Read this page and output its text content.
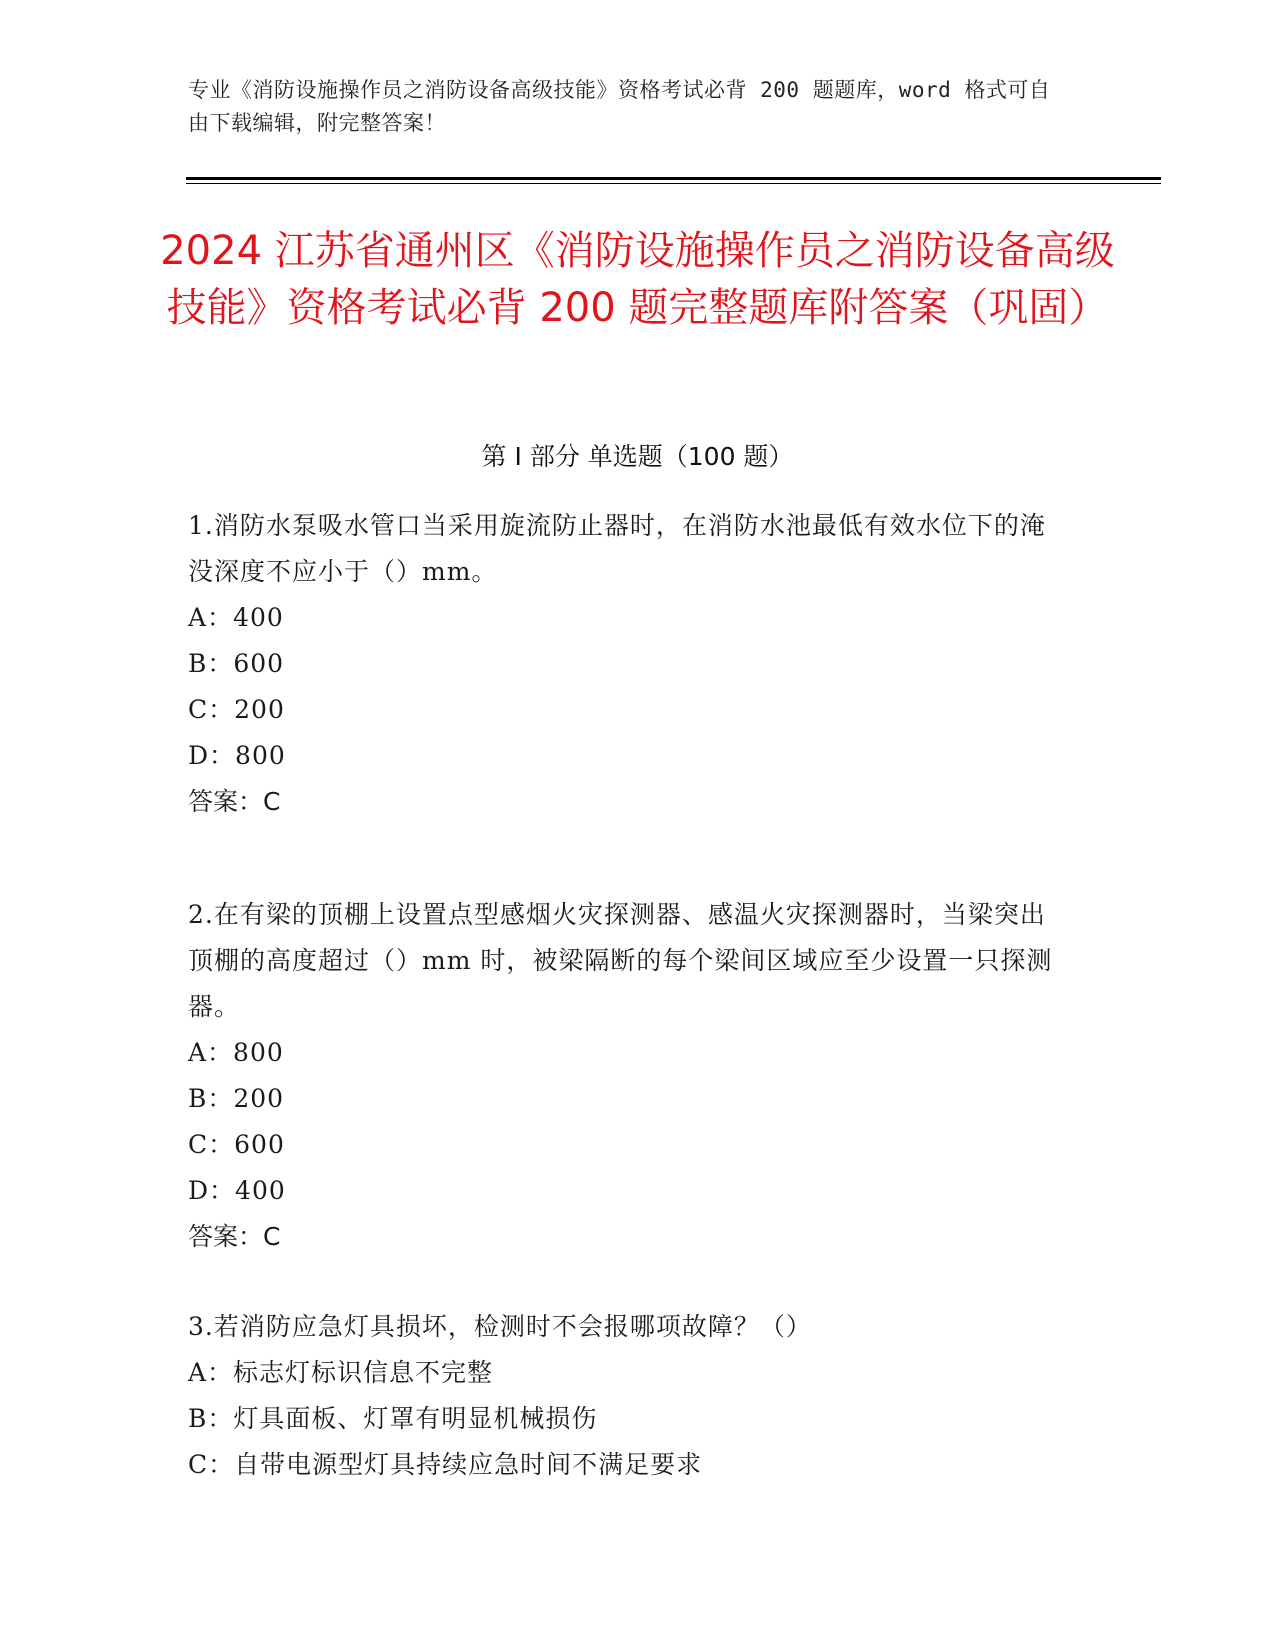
专业《消防设施操作员之消防设备高级技能》资格考试必背 200 题题库，word 格式可自由下载编辑，附完整答案！
2024 江苏省通州区《消防设施操作员之消防设备高级技能》资格考试必背 200 题完整题库附答案（巩固）
第 I 部分 单选题（100 题）

1.消防水泵吸水管口当采用旋流防止器时，在消防水池最低有效水位下的淹没深度不应小于（）mm。

A：400

B：600

C：200

D：800

答案：C

2.在有梁的顶棚上设置点型感烟火灾探测器、感温火灾探测器时，当梁突出顶棚的高度超过（）mm 时，被梁隔断的每个梁间区域应至少设置一只探测器。

A：800

B：200

C：600

D：400

答案：C

3.若消防应急灯具损坏，检测时不会报哪项故障？（）

A：标志灯标识信息不完整

B：灯具面板、灯罩有明显机械损伤

C：自带电源型灯具持续应急时间不满足要求
